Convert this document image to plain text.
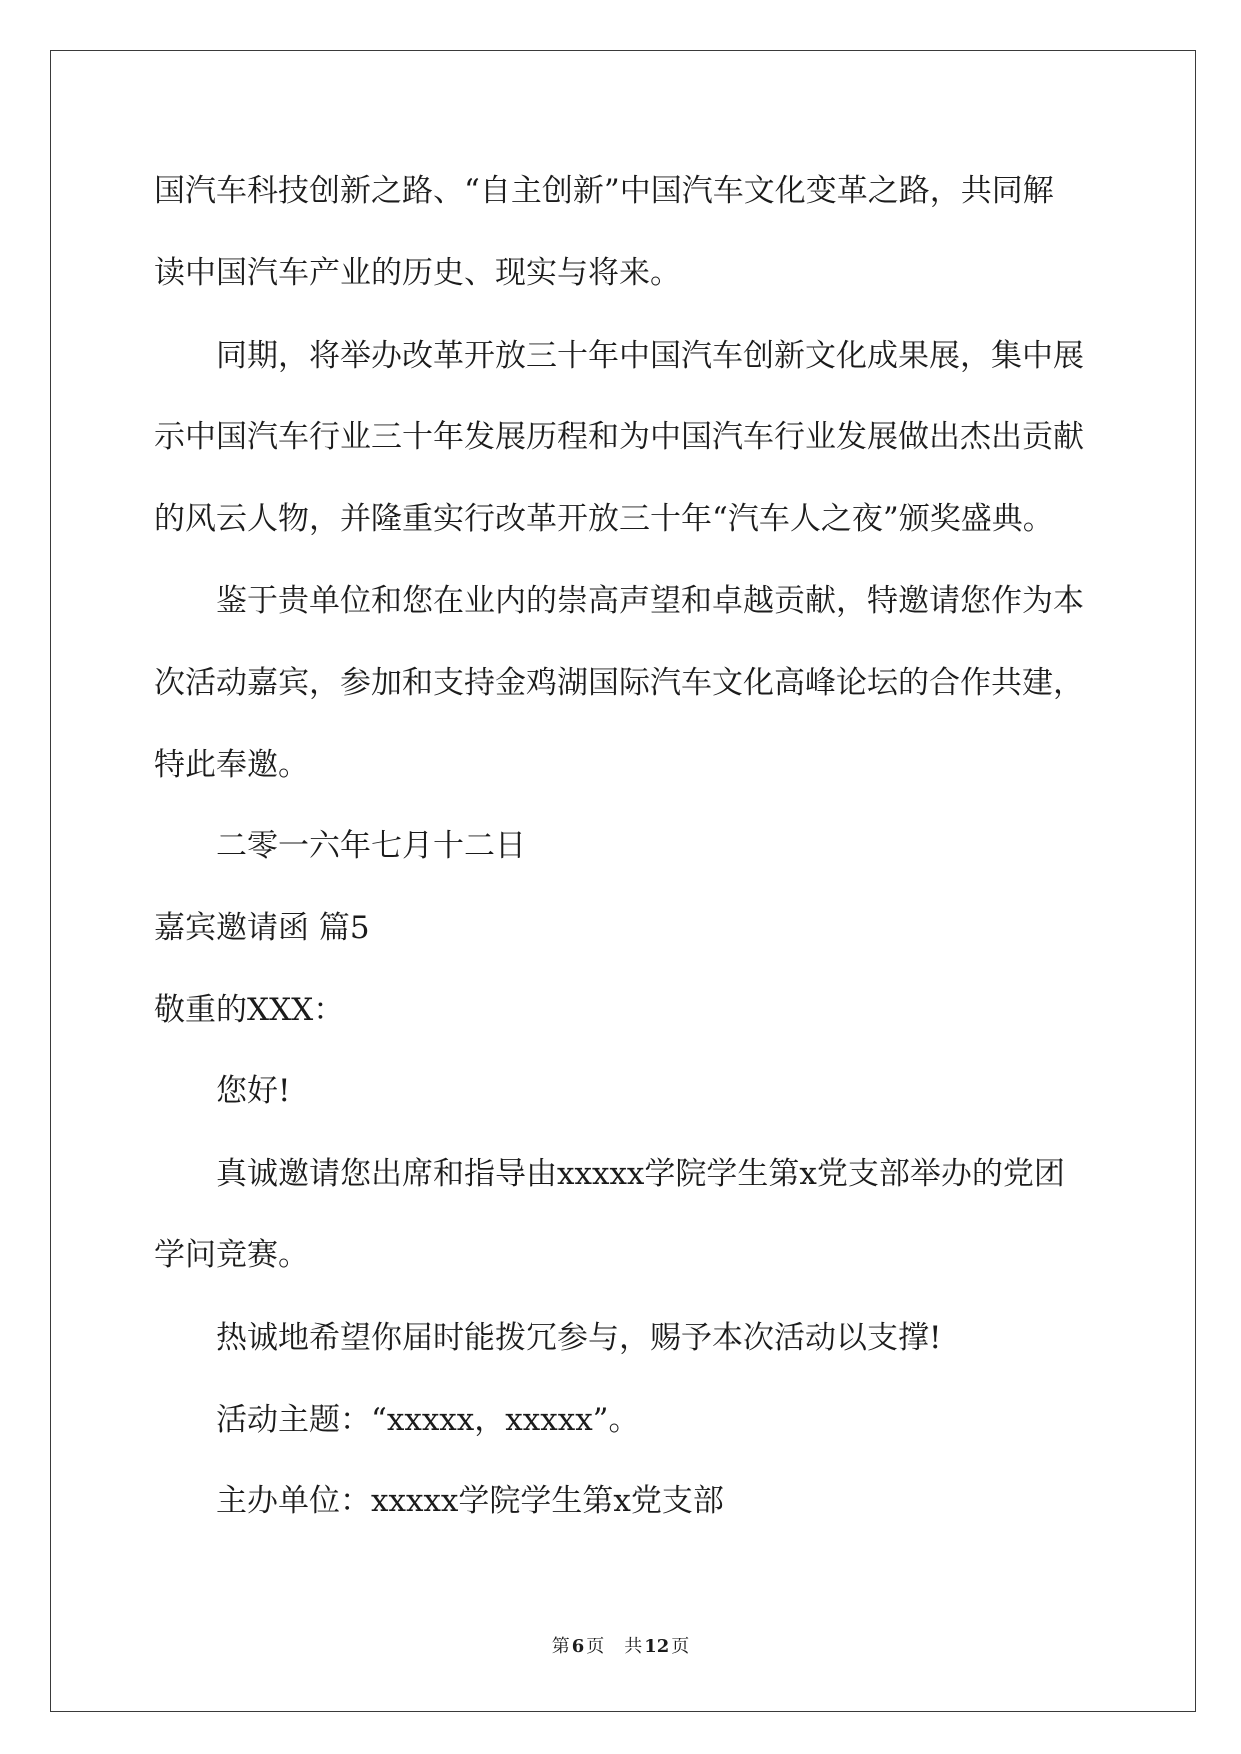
国汽车科技创新之路、“自主创新”中国汽车文化变革之路，共同解
读中国汽车产业的历史、现实与将来。
同期，将举办改革开放三十年中国汽车创新文化成果展，集中展
示中国汽车行业三十年发展历程和为中国汽车行业发展做出杰出贡献
的风云人物，并隆重实行改革开放三十年“汽车人之夜”颁奖盛典。
鉴于贵单位和您在业内的崇高声望和卓越贡献，特邀请您作为本
次活动嘉宾，参加和支持金鸡湖国际汽车文化高峰论坛的合作共建，
特此奉邀。
二零一六年七月十二日
嘉宾邀请函 篇5
敬重的XXX：
您好!
真诚邀请您出席和指导由xxxxx学院学生第x党支部举办的党团
学问竞赛。
热诚地希望你届时能拨冗参与，赐予本次活动以支撑!
活动主题：“xxxxx，xxxxx”。
主办单位：xxxxx学院学生第x党支部
第 6 页 共 12 页
